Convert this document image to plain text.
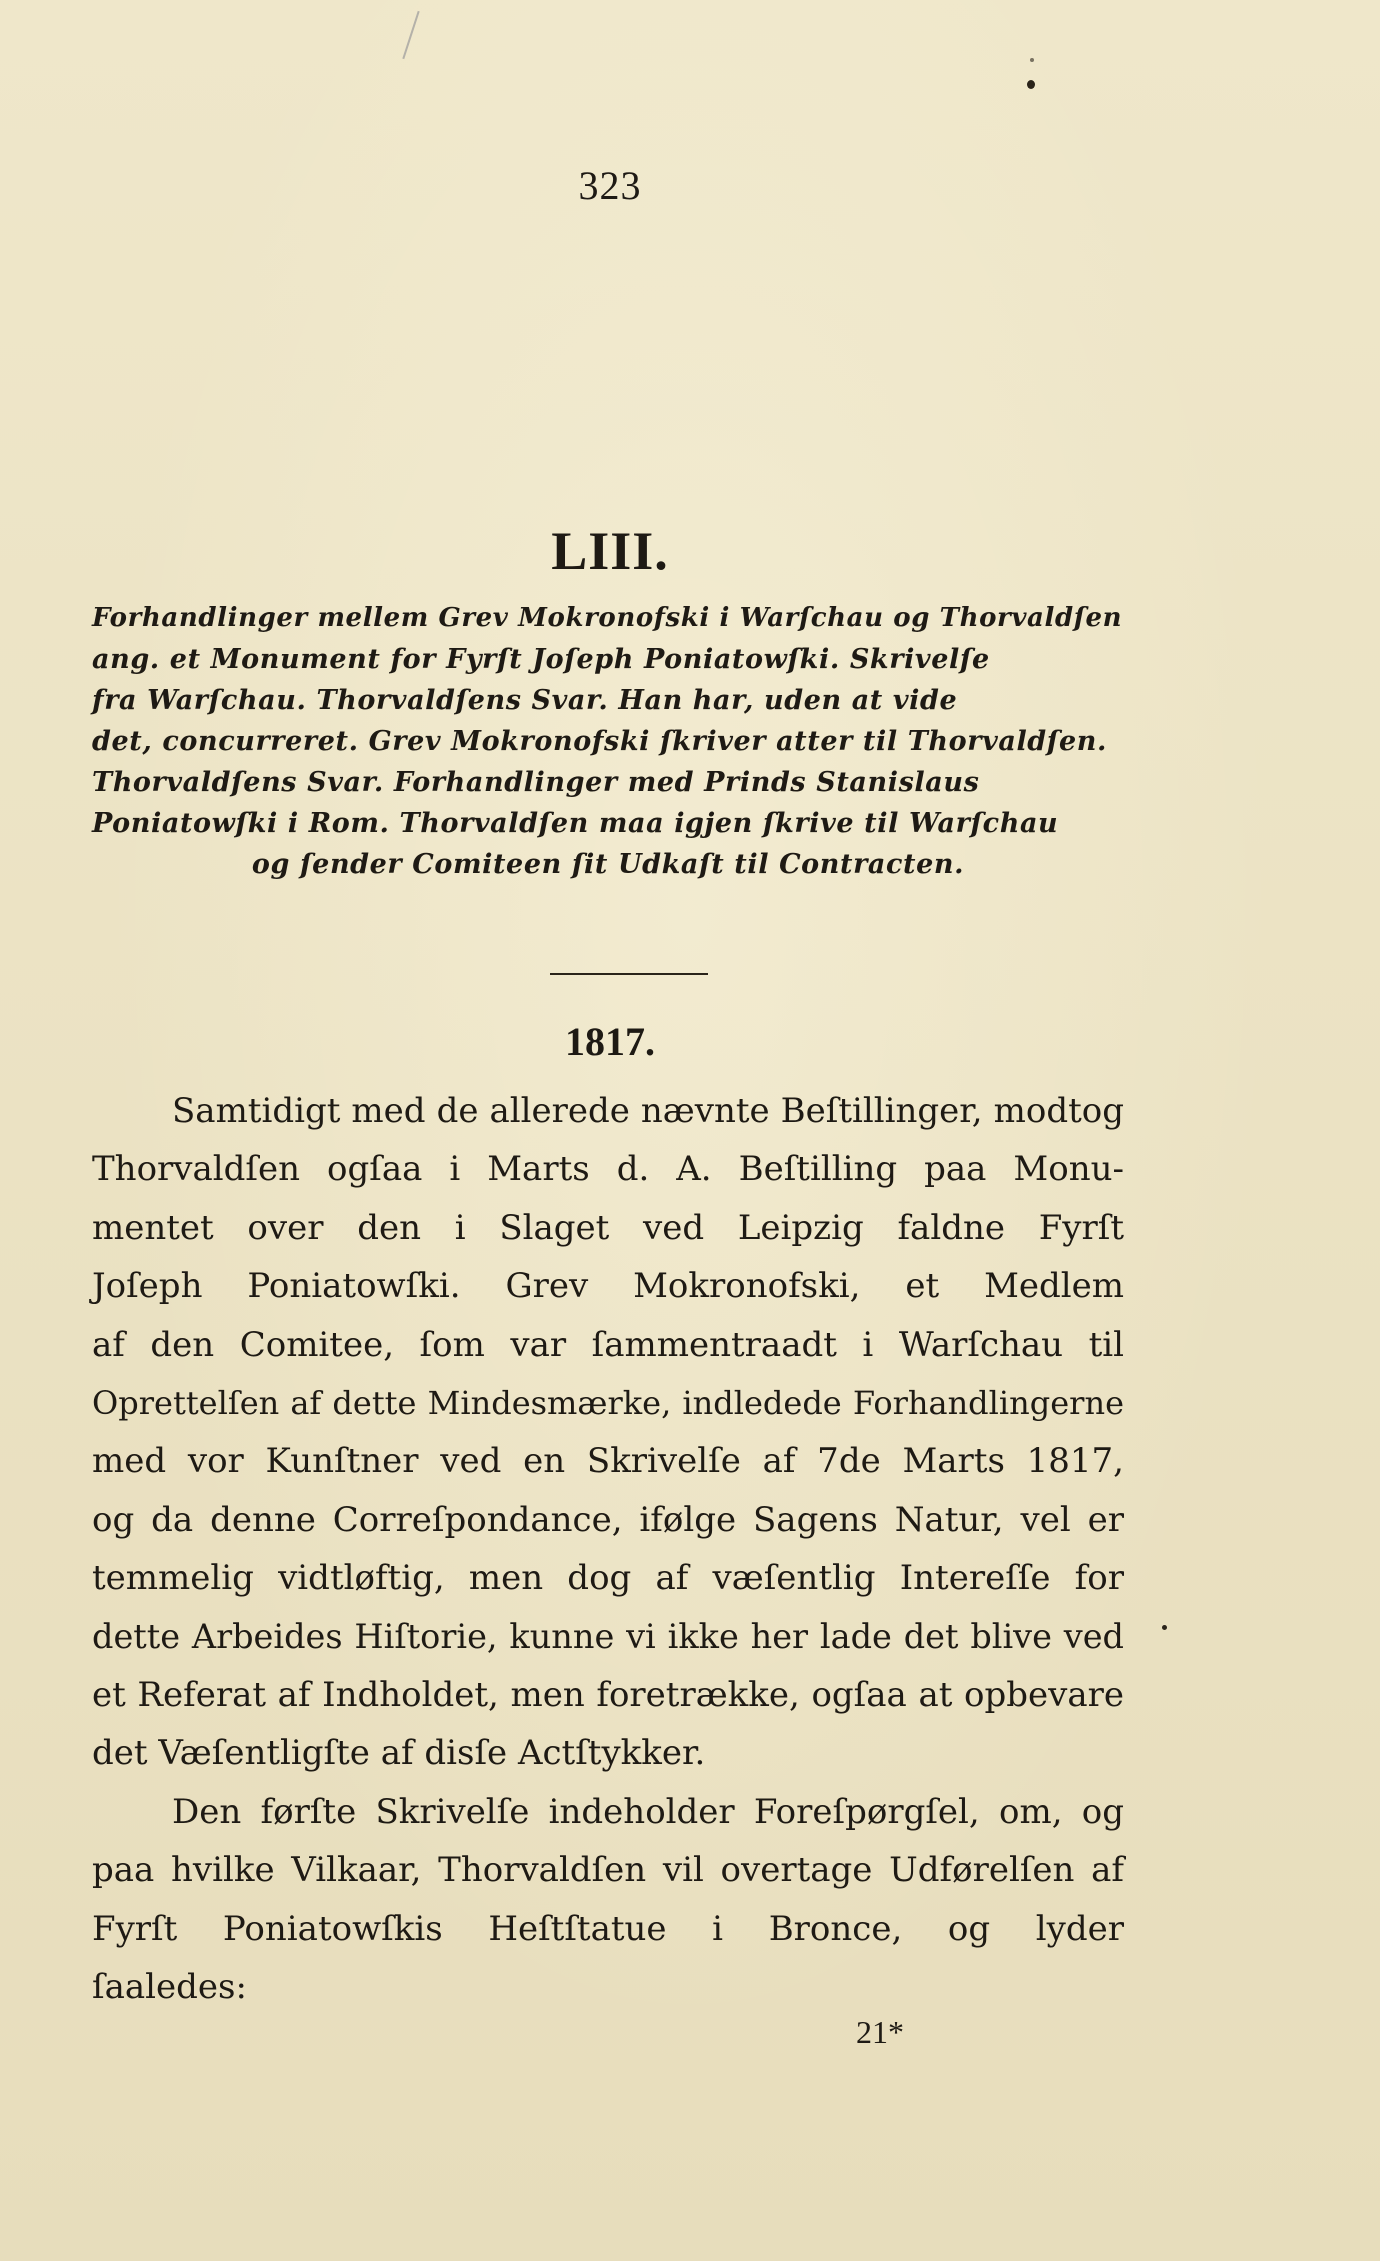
323
LIII.
Forhandlinger mellem Grev Mokronofski i Warſchau og Thorvaldſen
ang. et Monument for Fyrſt Joſeph Poniatowſki. Skrivelſe
fra Warſchau. Thorvaldſens Svar. Han har, uden at vide
det, concurreret. Grev Mokronofski ſkriver atter til Thorvaldſen.
Thorvaldſens Svar. Forhandlinger med Prinds Stanislaus
Poniatowſki i Rom. Thorvaldſen maa igjen ſkrive til Warſchau
og ſender Comiteen ſit Udkaſt til Contracten.
1817.
Samtidigt med de allerede nævnte Beſtillinger, modtog
Thorvaldſen ogſaa i Marts d. A. Beſtilling paa Monu-
mentet over den i Slaget ved Leipzig faldne Fyrſt
Joſeph Poniatowſki. Grev Mokronofski, et Medlem
af den Comitee, ſom var ſammentraadt i Warſchau til
Oprettelſen af dette Mindesmærke, indledede Forhandlingerne
med vor Kunſtner ved en Skrivelſe af 7de Marts 1817,
og da denne Correſpondance, ifølge Sagens Natur, vel er
temmelig vidtløftig, men dog af væſentlig Intereſſe for
dette Arbeides Hiſtorie, kunne vi ikke her lade det blive ved
et Referat af Indholdet, men foretrække, ogſaa at opbevare
det Væſentligſte af disſe Actſtykker.
Den førſte Skrivelſe indeholder Foreſpørgſel, om, og
paa hvilke Vilkaar, Thorvaldſen vil overtage Udførelſen af
Fyrſt Poniatowſkis Heſtſtatue i Bronce, og lyder
ſaaledes:
21*
